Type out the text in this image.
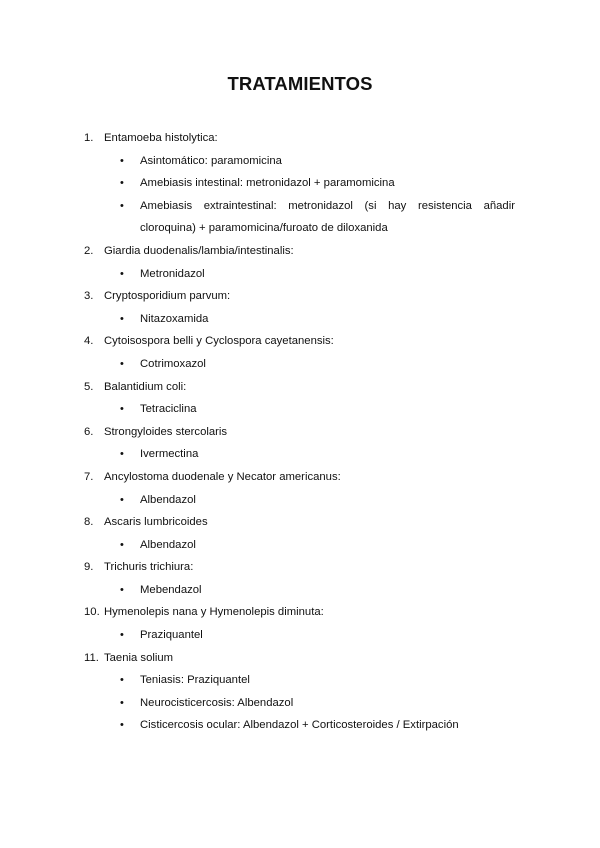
TRATAMIENTOS
1. Entamoeba histolytica:
• Asintomático: paramomicina
• Amebiasis intestinal: metronidazol + paramomicina
• Amebiasis extraintestinal: metronidazol (si hay resistencia añadir cloroquina) + paramomicina/furoato de diloxanida
2. Giardia duodenalis/lambia/intestinalis:
• Metronidazol
3. Cryptosporidium parvum:
• Nitazoxamida
4. Cytoisospora belli y Cyclospora cayetanensis:
• Cotrimoxazol
5. Balantidium coli:
• Tetraciclina
6. Strongyloides stercolaris
• Ivermectina
7. Ancylostoma duodenale y Necator americanus:
• Albendazol
8. Ascaris lumbricoides
• Albendazol
9. Trichuris trichiura:
• Mebendazol
10. Hymenolepis nana y Hymenolepis diminuta:
• Praziquantel
11. Taenia solium
• Teniasis: Praziquantel
• Neurocisticercosis: Albendazol
• Cisticercosis ocular: Albendazol + Corticosteroides / Extirpación
